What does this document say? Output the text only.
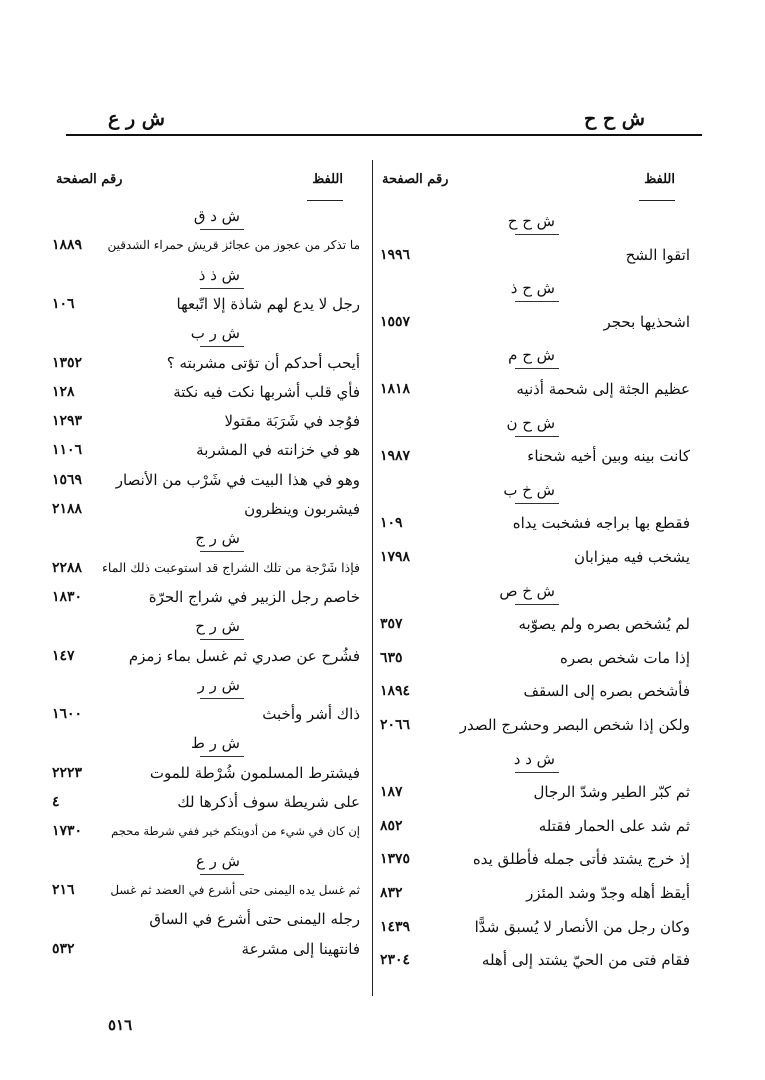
ش ح ح
ش ر ع
اللفظ
رقم الصفحة
اللفظ
رقم الصفحة
ش ح ح
اتقوا الشح
١٩٩٦
ش ح ذ
اشحذيها بحجر
١٥٥٧
ش ح م
عظيم الجثة إلى شحمة أذنيه
١٨١٨
ش ح ن
كانت بينه وبين أخيه شحناء
١٩٨٧
ش خ ب
فقطع بها براجه فشخبت يداه
١٠٩
يشخب فيه ميزابان
١٧٩٨
ش خ ص
لم يُشخص بصره ولم يصوّبه
٣٥٧
إذا مات شخص بصره
٦٣٥
فأشخص بصره إلى السقف
١٨٩٤
ولكن إذا شخص البصر وحشرج الصدر
٢٠٦٦
ش د د
ثم كبّر الطير وشدّ الرجال
١٨٧
ثم شد على الحمار فقتله
٨٥٢
إذ خرج يشتد فأتى جمله فأطلق يده
١٣٧٥
أيقظ أهله وجدّ وشد المئزر
٨٣٢
وكان رجل من الأنصار لا يُسبق شدًّا
١٤٣٩
فقام فتى من الحيّ يشتد إلى أهله
٢٣٠٤
ش د ق
ما تذكر من عجوز من عجائز قريش حمراء الشدقين
١٨٨٩
ش ذ ذ
رجل لا يدع لهم شاذة إلا اتّبعها
١٠٦
ش ر ب
أيحب أحدكم أن تؤتى مشربته ؟
١٣٥٢
فأي قلب أشربها نكت فيه نكتة
١٢٨
فوُجد في شَرَبَة مقتولا
١٢٩٣
هو في خزانته في المشربة
١١٠٦
وهو في هذا البيت في شَرْب من الأنصار
١٥٦٩
فيشربون وينظرون
٢١٨٨
ش ر ج
فإذا شَرْجة من تلك الشراج قد استوعبت ذلك الماء
٢٢٨٨
خاصم رجل الزبير في شراج الحرّة
١٨٣٠
ش ر ح
فشُرح عن صدري ثم غسل بماء زمزم
١٤٧
ش ر ر
ذاك أشر وأخبث
١٦٠٠
ش ر ط
فيشترط المسلمون شُرْطة للموت
٢٢٢٣
على شريطة سوف أذكرها لك
٤
إن كان في شيء من أدويتكم خير ففي شرطة محجم
١٧٣٠
ش ر ع
ثم غسل يده اليمنى حتى أشرع في العضد ثم غسل
٢١٦
رجله اليمنى حتى أشرع في الساق
فانتهينا إلى مشرعة
٥٣٢
٥١٦
